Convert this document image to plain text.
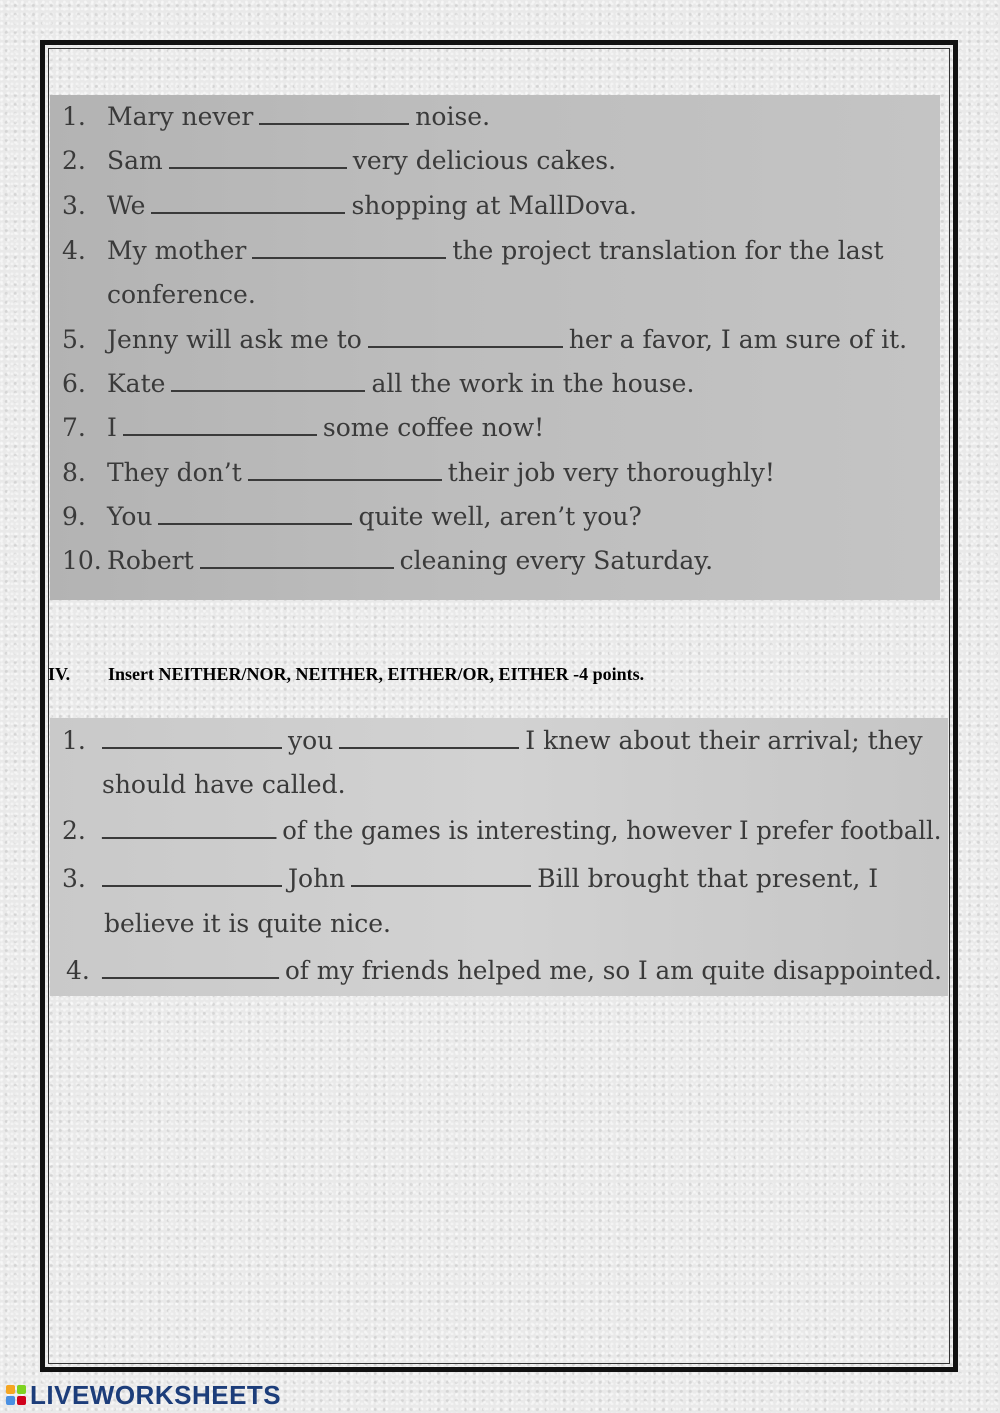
1. Mary never	noise.
2. Sam	very delicious cakes.
3. We	shopping at MallDova.
4. My mother	the project translation for the last
conference.
5. Jenny will ask me to	her a favor, I am sure of it.
6. Kate	all the work in the house.
7. I	some coffee now!
8. They don’t	their job very thoroughly!
9. You	quite well, aren’t you?
10. Robert	cleaning every Saturday.
IV. Insert NEITHER/NOR, NEITHER, EITHER/OR, EITHER -4 points.
1.	you	I knew about their arrival; they
should have called.
2.	of the games is interesting, however I prefer football.
3.	John	Bill brought that present, I
believe it is quite nice.
4.	of my friends helped me, so I am quite disappointed.
LIVEWORKSHEETS
